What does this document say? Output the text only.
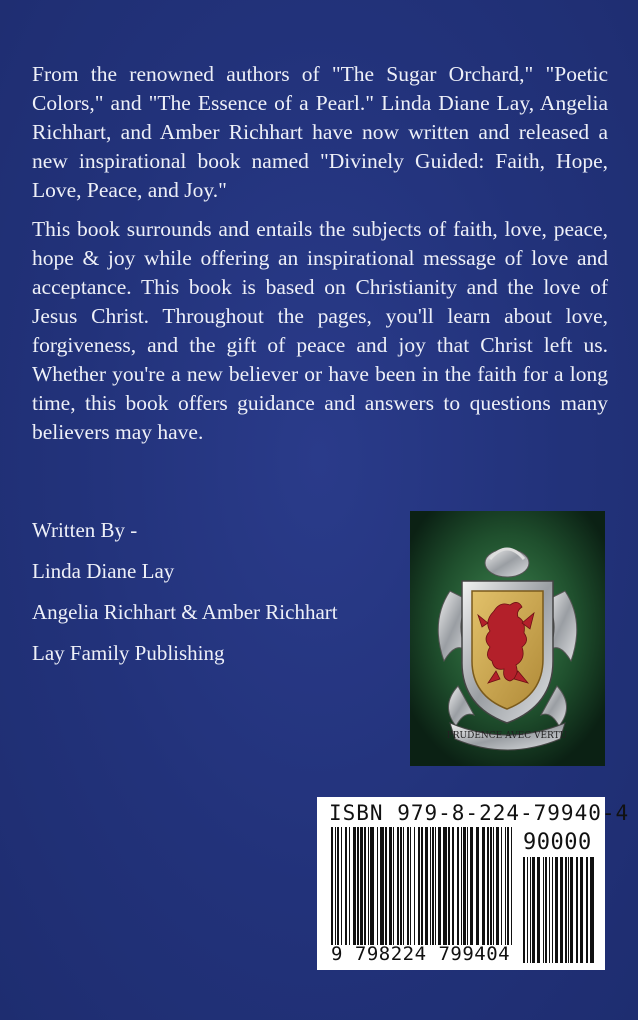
From the renowned authors of "The Sugar Orchard," "Poetic Colors," and "The Essence of a Pearl." Linda Diane Lay, Angelia Richhart, and Amber Richhart have now written and released a new inspirational book named "Divinely Guided: Faith, Hope, Love, Peace, and Joy."

This book surrounds and entails the subjects of faith, love, peace, hope & joy while offering an inspirational message of love and acceptance. This book is based on Christianity and the love of Jesus Christ. Throughout the pages, you'll learn about love, forgiveness, and the gift of peace and joy that Christ left us. Whether you're a new believer or have been in the faith for a long time, this book offers guidance and answers to questions many believers may have.

Written By -
Linda Diane Lay
Angelia Richhart & Amber Richhart
Lay Family Publishing
PRUDENCE AVEC VERTU
ISBN 979-8-224-79940-4
90000
9 798224 799404
